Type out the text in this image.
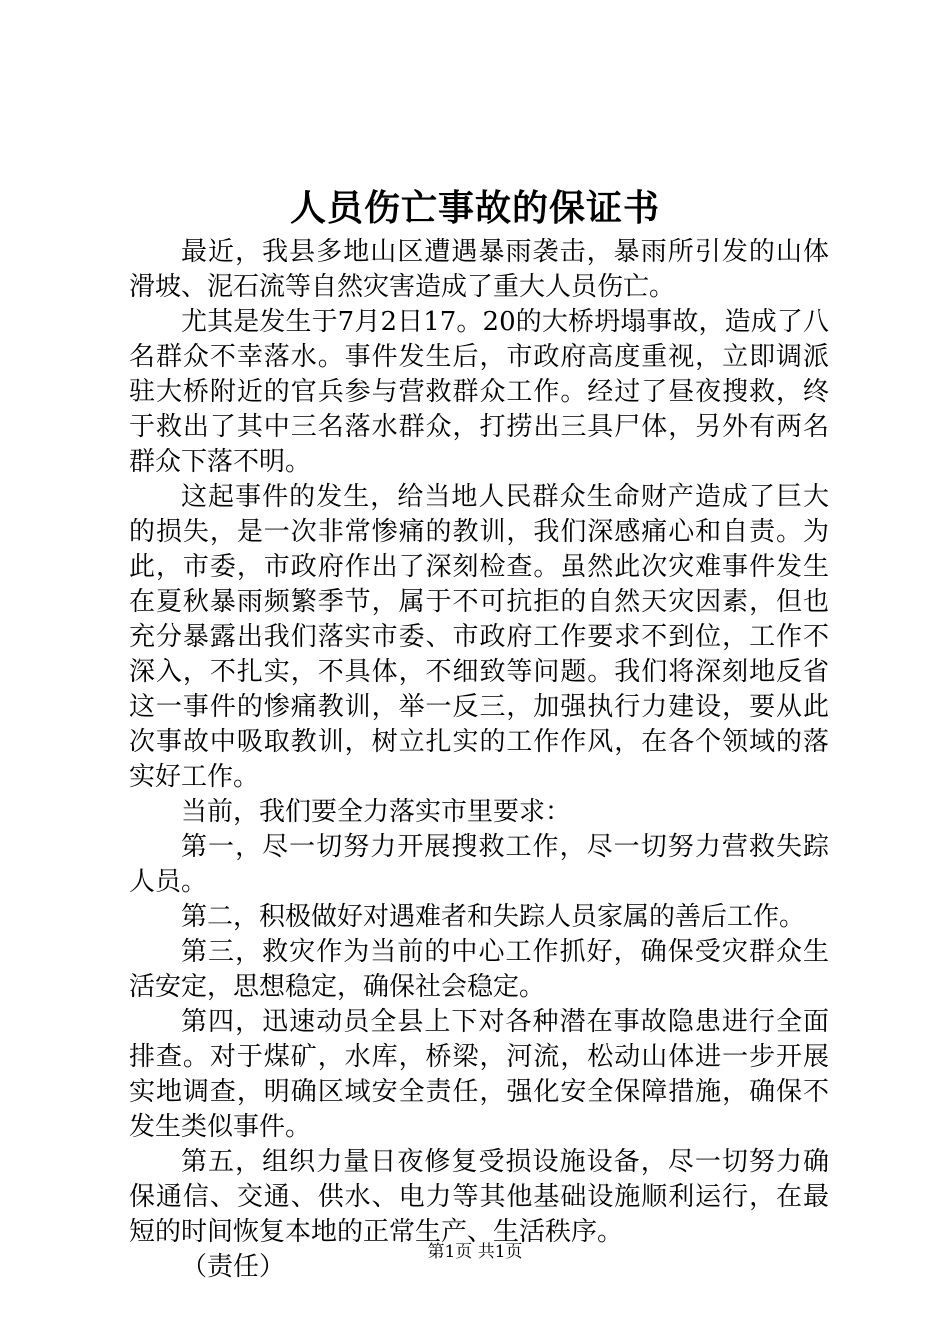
人员伤亡事故的保证书

最近，我县多地山区遭遇暴雨袭击，暴雨所引发的山体滑坡、泥石流等自然灾害造成了重大人员伤亡。

尤其是发生于7月2日17。20的大桥坍塌事故，造成了八名群众不幸落水。事件发生后，市政府高度重视，立即调派驻大桥附近的官兵参与营救群众工作。经过了昼夜搜救，终于救出了其中三名落水群众，打捞出三具尸体，另外有两名群众下落不明。

这起事件的发生，给当地人民群众生命财产造成了巨大的损失，是一次非常惨痛的教训，我们深感痛心和自责。为此，市委，市政府作出了深刻检查。虽然此次灾难事件发生在夏秋暴雨频繁季节，属于不可抗拒的自然天灾因素，但也充分暴露出我们落实市委、市政府工作要求不到位，工作不深入，不扎实，不具体，不细致等问题。我们将深刻地反省这一事件的惨痛教训，举一反三，加强执行力建设，要从此次事故中吸取教训，树立扎实的工作作风，在各个领域的落实好工作。

当前，我们要全力落实市里要求：

第一，尽一切努力开展搜救工作，尽一切努力营救失踪人员。

第二，积极做好对遇难者和失踪人员家属的善后工作。

第三，救灾作为当前的中心工作抓好，确保受灾群众生活安定，思想稳定，确保社会稳定。

第四，迅速动员全县上下对各种潜在事故隐患进行全面排查。对于煤矿，水库，桥梁，河流，松动山体进一步开展实地调查，明确区域安全责任，强化安全保障措施，确保不发生类似事件。

第五，组织力量日夜修复受损设施设备，尽一切努力确保通信、交通、供水、电力等其他基础设施顺利运行，在最短的时间恢复本地的正常生产、生活秩序。

（责任）	第1页 共1页
